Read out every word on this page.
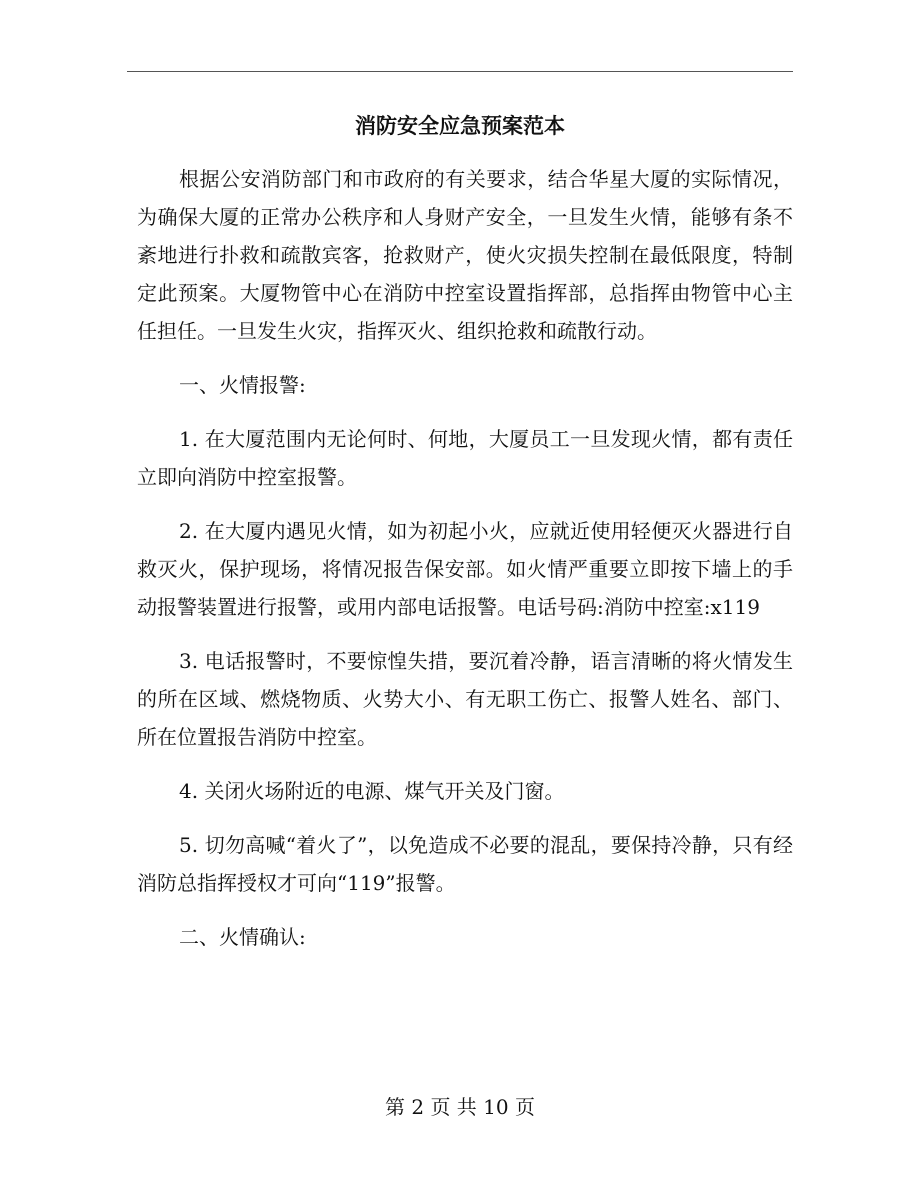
消防安全应急预案范本

根据公安消防部门和市政府的有关要求，结合华星大厦的实际情况，为确保大厦的正常办公秩序和人身财产安全，一旦发生火情，能够有条不紊地进行扑救和疏散宾客，抢救财产，使火灾损失控制在最低限度，特制定此预案。大厦物管中心在消防中控室设置指挥部，总指挥由物管中心主任担任。一旦发生火灾，指挥灭火、组织抢救和疏散行动。

一、火情报警:

1. 在大厦范围内无论何时、何地，大厦员工一旦发现火情，都有责任立即向消防中控室报警。

2. 在大厦内遇见火情，如为初起小火，应就近使用轻便灭火器进行自救灭火，保护现场，将情况报告保安部。如火情严重要立即按下墙上的手动报警装置进行报警，或用内部电话报警。电话号码:消防中控室:x119

3. 电话报警时，不要惊惶失措，要沉着冷静，语言清晰的将火情发生的所在区域、燃烧物质、火势大小、有无职工伤亡、报警人姓名、部门、所在位置报告消防中控室。

4. 关闭火场附近的电源、煤气开关及门窗。

5. 切勿高喊“着火了”，以免造成不必要的混乱，要保持冷静，只有经消防总指挥授权才可向“119”报警。

二、火情确认:

第 2 页 共 10 页
